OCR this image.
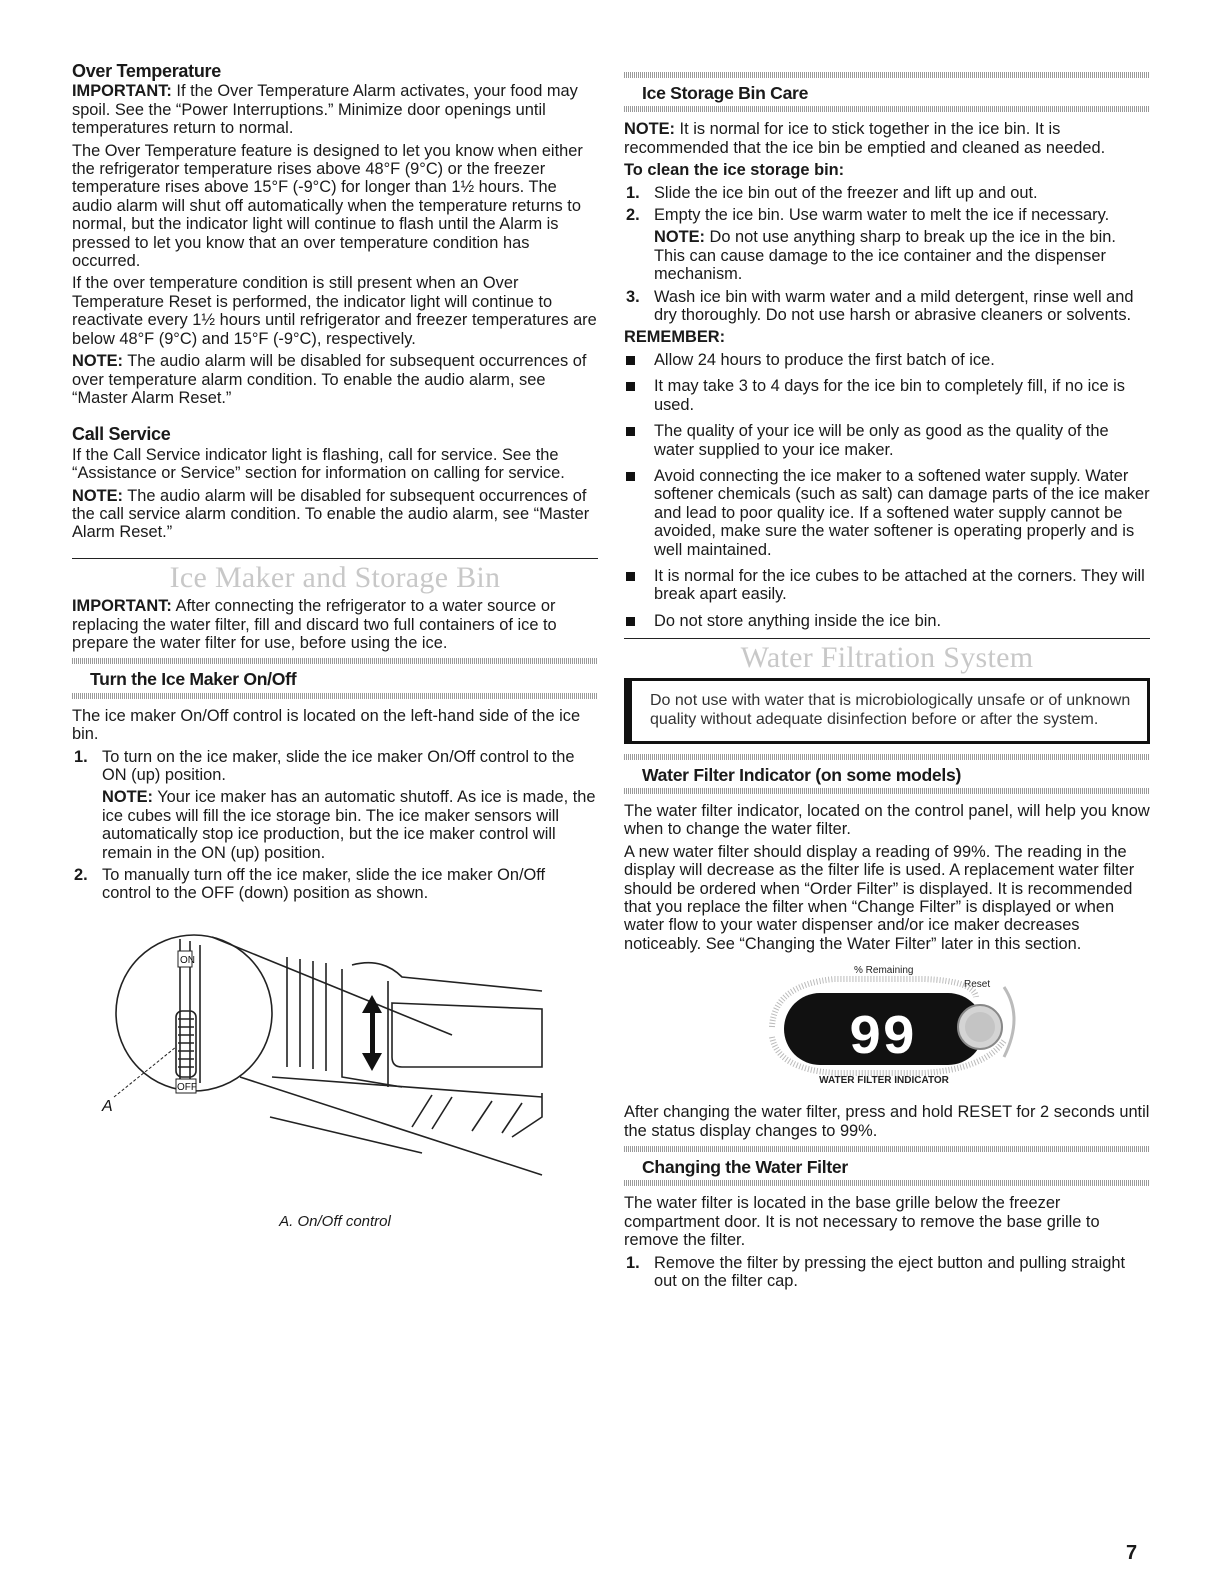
Over Temperature

IMPORTANT: If the Over Temperature Alarm activates, your food may spoil. See the “Power Interruptions.” Minimize door openings until temperatures return to normal.

The Over Temperature feature is designed to let you know when either the refrigerator temperature rises above 48°F (9°C) or the freezer temperature rises above 15°F (-9°C) for longer than 1½ hours. The audio alarm will shut off automatically when the temperature returns to normal, but the indicator light will continue to flash until the Alarm is pressed to let you know that an over temperature condition has occurred.

If the over temperature condition is still present when an Over Temperature Reset is performed, the indicator light will continue to reactivate every 1½ hours until refrigerator and freezer temperatures are below 48°F (9°C) and 15°F (-9°C), respectively.

NOTE: The audio alarm will be disabled for subsequent occurrences of over temperature alarm condition. To enable the audio alarm, see “Master Alarm Reset.”

Call Service

If the Call Service indicator light is flashing, call for service. See the “Assistance or Service” section for information on calling for service.

NOTE: The audio alarm will be disabled for subsequent occurrences of the call service alarm condition. To enable the audio alarm, see “Master Alarm Reset.”

Ice Maker and Storage Bin

IMPORTANT: After connecting the refrigerator to a water source or replacing the water filter, fill and discard two full containers of ice to prepare the water filter for use, before using the ice.

Turn the Ice Maker On/Off

The ice maker On/Off control is located on the left-hand side of the ice bin.

1. To turn on the ice maker, slide the ice maker On/Off control to the ON (up) position.
NOTE: Your ice maker has an automatic shutoff. As ice is made, the ice cubes will fill the ice storage bin. The ice maker sensors will automatically stop ice production, but the ice maker control will remain in the ON (up) position.
2. To manually turn off the ice maker, slide the ice maker On/Off control to the OFF (down) position as shown.
ON
OFF
A
A. On/Off control
Ice Storage Bin Care

NOTE: It is normal for ice to stick together in the ice bin. It is recommended that the ice bin be emptied and cleaned as needed.

To clean the ice storage bin:

1. Slide the ice bin out of the freezer and lift up and out.
2. Empty the ice bin. Use warm water to melt the ice if necessary.
NOTE: Do not use anything sharp to break up the ice in the bin. This can cause damage to the ice container and the dispenser mechanism.
3. Wash ice bin with warm water and a mild detergent, rinse well and dry thoroughly. Do not use harsh or abrasive cleaners or solvents.

REMEMBER:

Allow 24 hours to produce the first batch of ice.
It may take 3 to 4 days for the ice bin to completely fill, if no ice is used.
The quality of your ice will be only as good as the quality of the water supplied to your ice maker.
Avoid connecting the ice maker to a softened water supply. Water softener chemicals (such as salt) can damage parts of the ice maker and lead to poor quality ice. If a softened water supply cannot be avoided, make sure the water softener is operating properly and is well maintained.
It is normal for the ice cubes to be attached at the corners. They will break apart easily.
Do not store anything inside the ice bin.
Water Filtration System
Do not use with water that is microbiologically unsafe or of unknown quality without adequate disinfection before or after the system.
Water Filter Indicator (on some models)

The water filter indicator, located on the control panel, will help you know when to change the water filter.

A new water filter should display a reading of 99%. The reading in the display will decrease as the filter life is used. A replacement water filter should be ordered when “Order Filter” is displayed. It is recommended that you replace the filter when “Change Filter” is displayed or when water flow to your water dispenser and/or ice maker decreases noticeably. See “Changing the Water Filter” later in this section.

% Remaining
Reset
99
WATER FILTER INDICATOR

After changing the water filter, press and hold RESET for 2 seconds until the status display changes to 99%.

Changing the Water Filter

The water filter is located in the base grille below the freezer compartment door. It is not necessary to remove the base grille to remove the filter.

1. Remove the filter by pressing the eject button and pulling straight out on the filter cap.
7
